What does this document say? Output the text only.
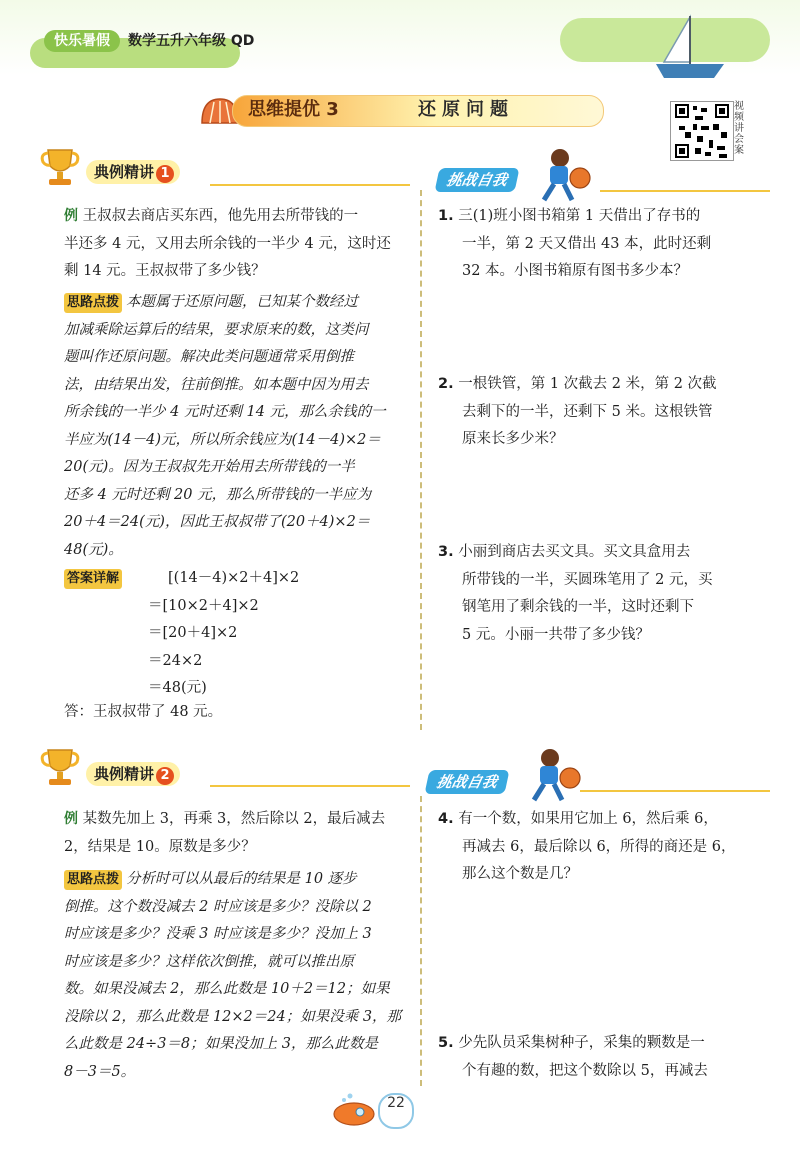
快乐暑假	数学五升六年级 QD
思维提优 3	还原问题	视频讲会案
典例精讲 1	挑战自我
例 王叔叔去商店买东西，他先用去所带钱的一
半还多 4 元，又用去所余钱的一半少 4 元，这时还
剩 14 元。王叔叔带了多少钱？
思路点拨 本题属于还原问题，已知某个数经过
加减乘除运算后的结果，要求原来的数，这类问
题叫作还原问题。解决此类问题通常采用倒推
法，由结果出发，往前倒推。如本题中因为用去
所余钱的一半少 4 元时还剩 14 元，那么余钱的一
半应为(14－4)元，所以所余钱应为(14－4)×2＝
20(元)。因为王叔叔先开始用去所带钱的一半
还多 4 元时还剩 20 元，那么所带钱的一半应为
20＋4＝24(元)，因此王叔叔带了(20＋4)×2＝
48(元)。
答案详解	[(14－4)×2＋4]×2
＝[10×2＋4]×2
＝[20＋4]×2
＝24×2
＝48(元)
答：王叔叔带了 48 元。
1. 三(1)班小图书箱第 1 天借出了存书的
一半，第 2 天又借出 43 本，此时还剩
32 本。小图书箱原有图书多少本？
2. 一根铁管，第 1 次截去 2 米，第 2 次截
去剩下的一半，还剩下 5 米。这根铁管
原来长多少米？
3. 小丽到商店去买文具。买文具盒用去
所带钱的一半，买圆珠笔用了 2 元，买
钢笔用了剩余钱的一半，这时还剩下
5 元。小丽一共带了多少钱？
典例精讲 2	挑战自我
例 某数先加上 3，再乘 3，然后除以 2，最后减去
2，结果是 10。原数是多少？
思路点拨 分析时可以从最后的结果是 10 逐步
倒推。这个数没减去 2 时应该是多少？没除以 2
时应该是多少？没乘 3 时应该是多少？没加上 3
时应该是多少？这样依次倒推，就可以推出原
数。如果没减去 2，那么此数是 10＋2＝12；如果
没除以 2，那么此数是 12×2＝24；如果没乘 3，那
么此数是 24÷3＝8；如果没加上 3，那么此数是
8－3＝5。
4. 有一个数，如果用它加上 6，然后乘 6，
再减去 6，最后除以 6，所得的商还是 6，
那么这个数是几？
5. 少先队员采集树种子，采集的颗数是一
个有趣的数，把这个数除以 5，再减去
22
